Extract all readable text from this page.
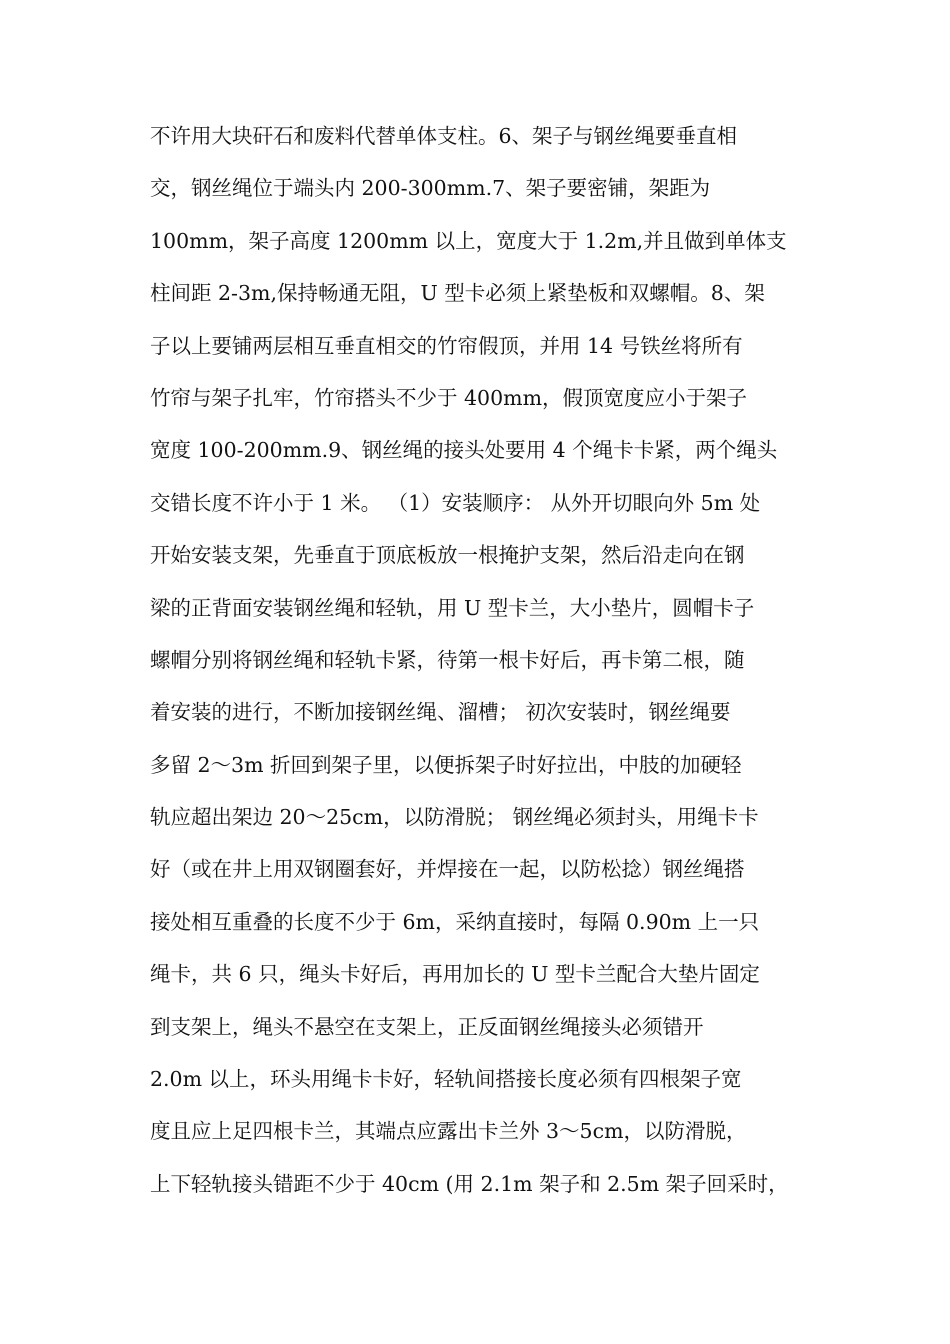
不许用大块矸石和废料代替单体支柱。6、架子与钢丝绳要垂直相
交，钢丝绳位于端头内 200-300mm.7、架子要密铺，架距为
100mm，架子高度 1200mm 以上，宽度大于 1.2m,并且做到单体支
柱间距 2-3m,保持畅通无阻，U 型卡必须上紧垫板和双螺帽。8、架
子以上要铺两层相互垂直相交的竹帘假顶，并用 14 号铁丝将所有
竹帘与架子扎牢，竹帘搭头不少于 400mm，假顶宽度应小于架子
宽度 100-200mm.9、钢丝绳的接头处要用 4 个绳卡卡紧，两个绳头
交错长度不许小于 1 米。 （1）安装顺序： 从外开切眼向外 5m 处
开始安装支架，先垂直于顶底板放一根掩护支架，然后沿走向在钢
梁的正背面安装钢丝绳和轻轨，用 U 型卡兰，大小垫片，圆帽卡子
螺帽分别将钢丝绳和轻轨卡紧，待第一根卡好后，再卡第二根，随
着安装的进行，不断加接钢丝绳、溜槽； 初次安装时，钢丝绳要
多留 2～3m 折回到架子里，以便拆架子时好拉出，中肢的加硬轻
轨应超出架边 20～25cm，以防滑脱； 钢丝绳必须封头，用绳卡卡
好（或在井上用双钢圈套好，并焊接在一起，以防松捻）钢丝绳搭
接处相互重叠的长度不少于 6m，采纳直接时，每隔 0.90m 上一只
绳卡，共 6 只，绳头卡好后，再用加长的 U 型卡兰配合大垫片固定
到支架上，绳头不悬空在支架上，正反面钢丝绳接头必须错开
2.0m 以上，环头用绳卡卡好，轻轨间搭接长度必须有四根架子宽
度且应上足四根卡兰，其端点应露出卡兰外 3～5cm，以防滑脱，
上下轻轨接头错距不少于 40cm (用 2.1m 架子和 2.5m 架子回采时，
